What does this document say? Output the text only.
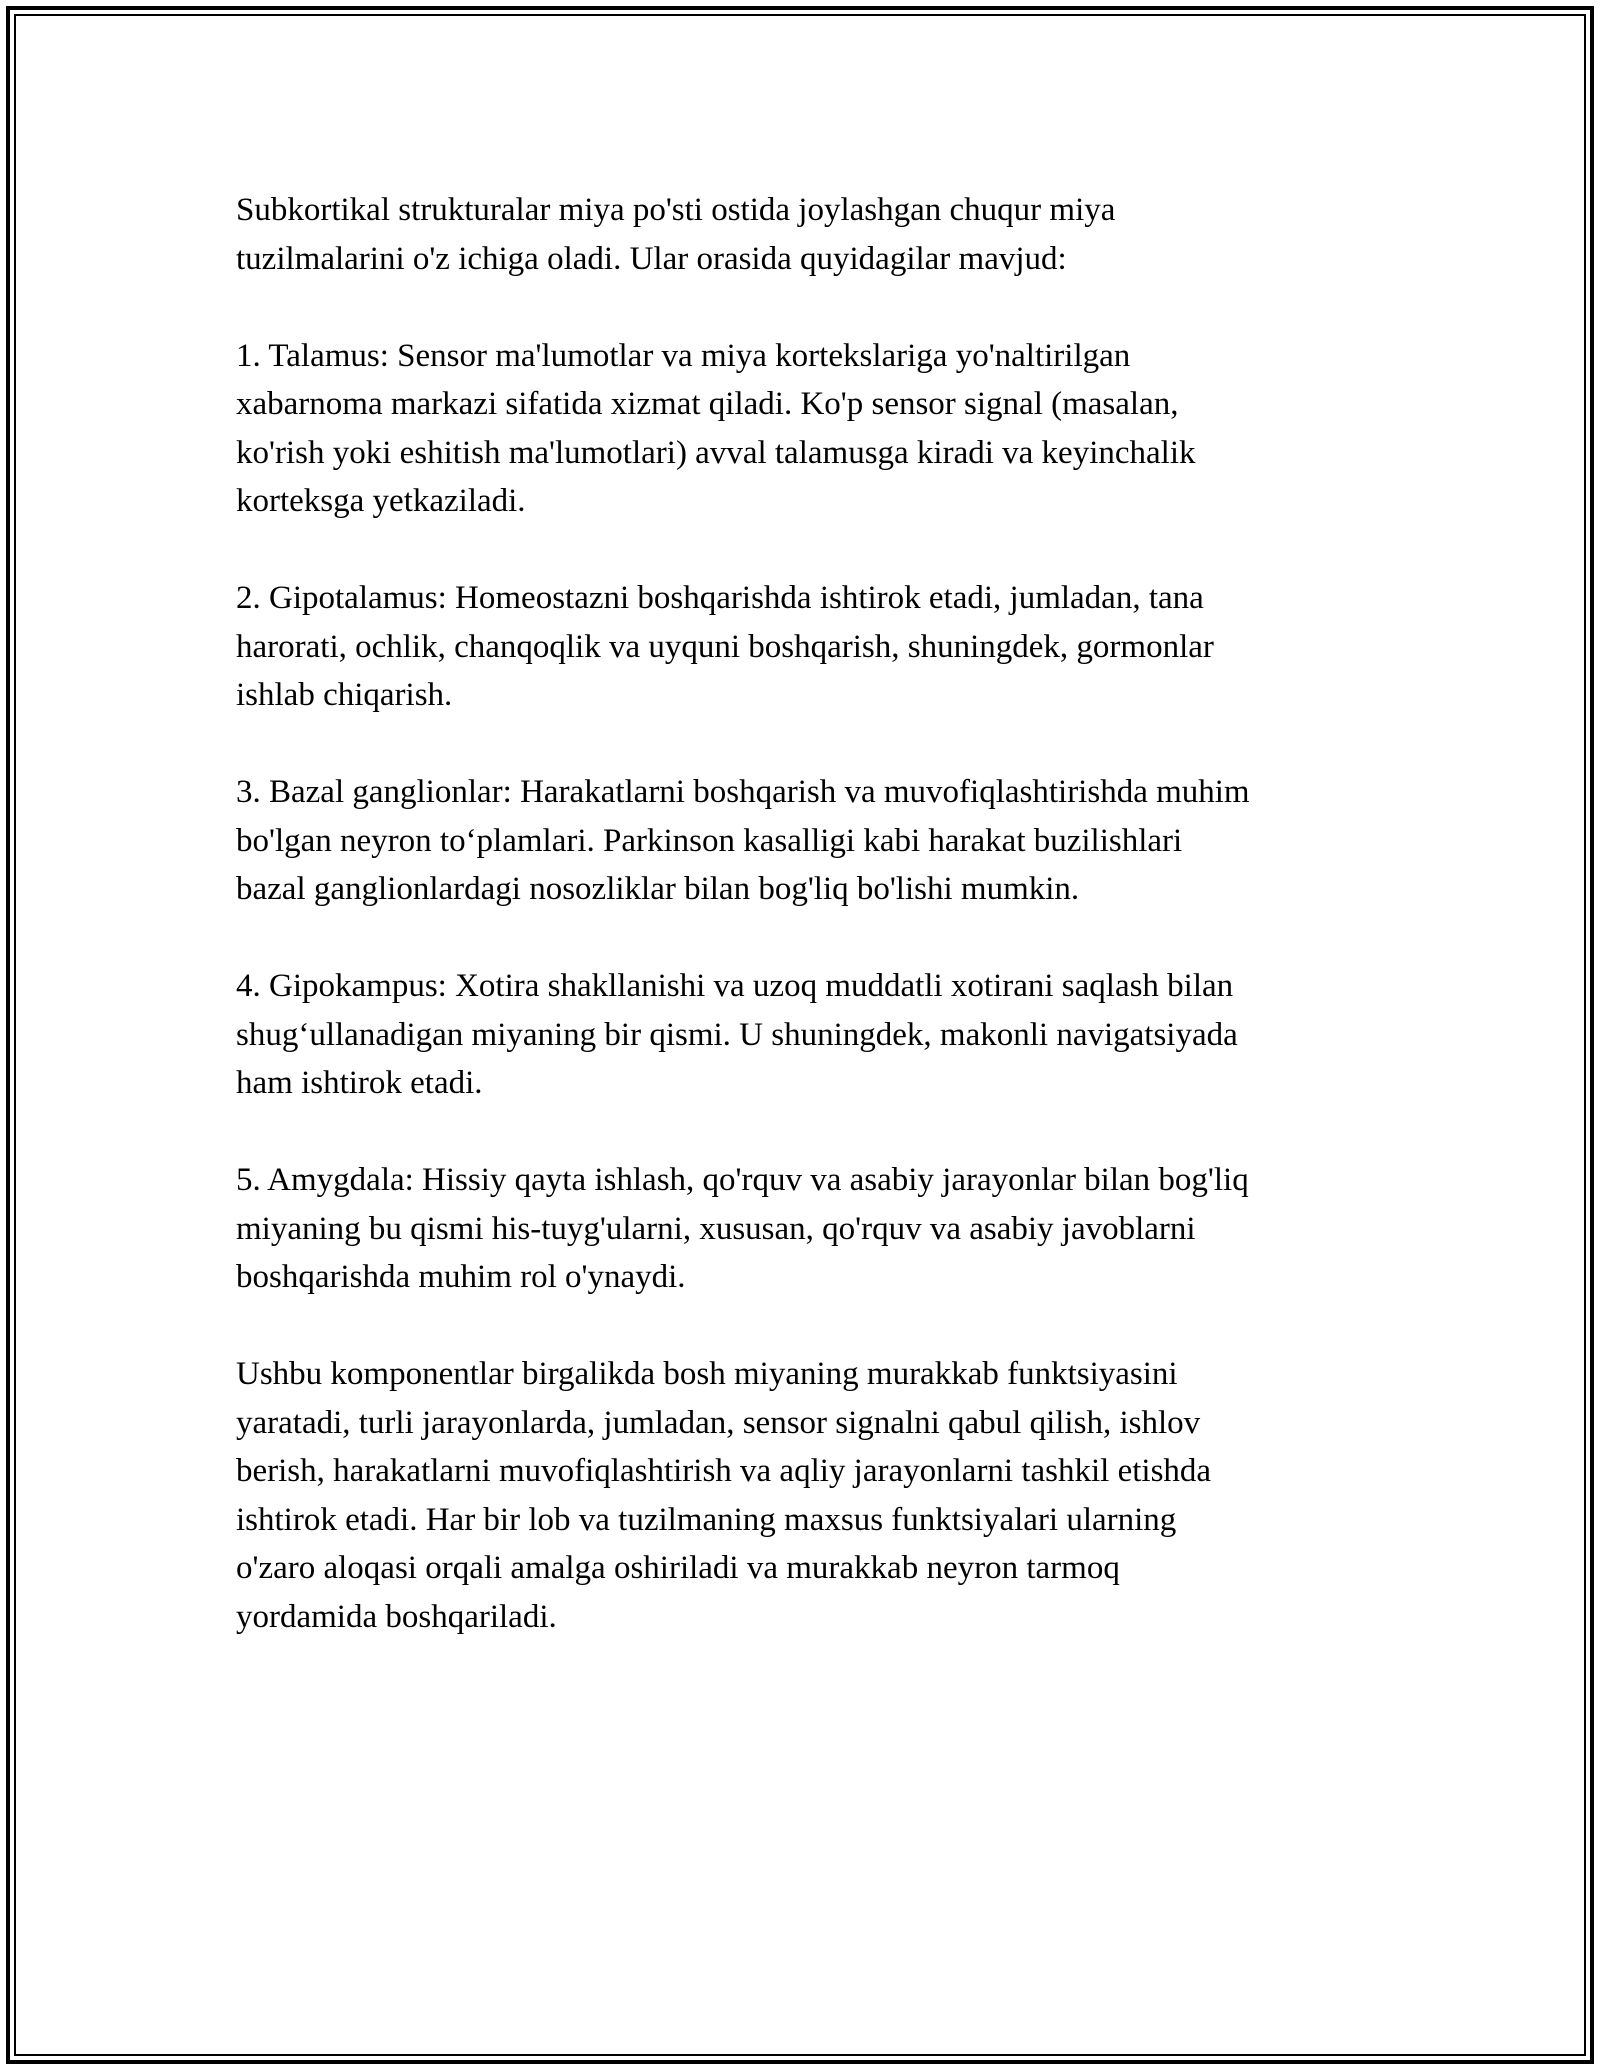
Subkortikal strukturalar miya po'sti ostida joylashgan chuqur miya
tuzilmalarini o'z ichiga oladi. Ular orasida quyidagilar mavjud:

1. Talamus: Sensor ma'lumotlar va miya kortekslariga yo'naltirilgan
xabarnoma markazi sifatida xizmat qiladi. Ko'p sensor signal (masalan,
ko'rish yoki eshitish ma'lumotlari) avval talamusga kiradi va keyinchalik
korteksga yetkaziladi.

2. Gipotalamus: Homeostazni boshqarishda ishtirok etadi, jumladan, tana
harorati, ochlik, chanqoqlik va uyquni boshqarish, shuningdek, gormonlar
ishlab chiqarish.

3. Bazal ganglionlar: Harakatlarni boshqarish va muvofiqlashtirishda muhim
bo'lgan neyron to‘plamlari. Parkinson kasalligi kabi harakat buzilishlari
bazal ganglionlardagi nosozliklar bilan bog'liq bo'lishi mumkin.

4. Gipokampus: Xotira shakllanishi va uzoq muddatli xotirani saqlash bilan
shug‘ullanadigan miyaning bir qismi. U shuningdek, makonli navigatsiyada
ham ishtirok etadi.

5. Amygdala: Hissiy qayta ishlash, qo'rquv va asabiy jarayonlar bilan bog'liq
miyaning bu qismi his-tuyg'ularni, xususan, qo'rquv va asabiy javoblarni
boshqarishda muhim rol o'ynaydi.

Ushbu komponentlar birgalikda bosh miyaning murakkab funktsiyasini
yaratadi, turli jarayonlarda, jumladan, sensor signalni qabul qilish, ishlov
berish, harakatlarni muvofiqlashtirish va aqliy jarayonlarni tashkil etishda
ishtirok etadi. Har bir lob va tuzilmaning maxsus funktsiyalari ularning
o'zaro aloqasi orqali amalga oshiriladi va murakkab neyron tarmoq
yordamida boshqariladi.
